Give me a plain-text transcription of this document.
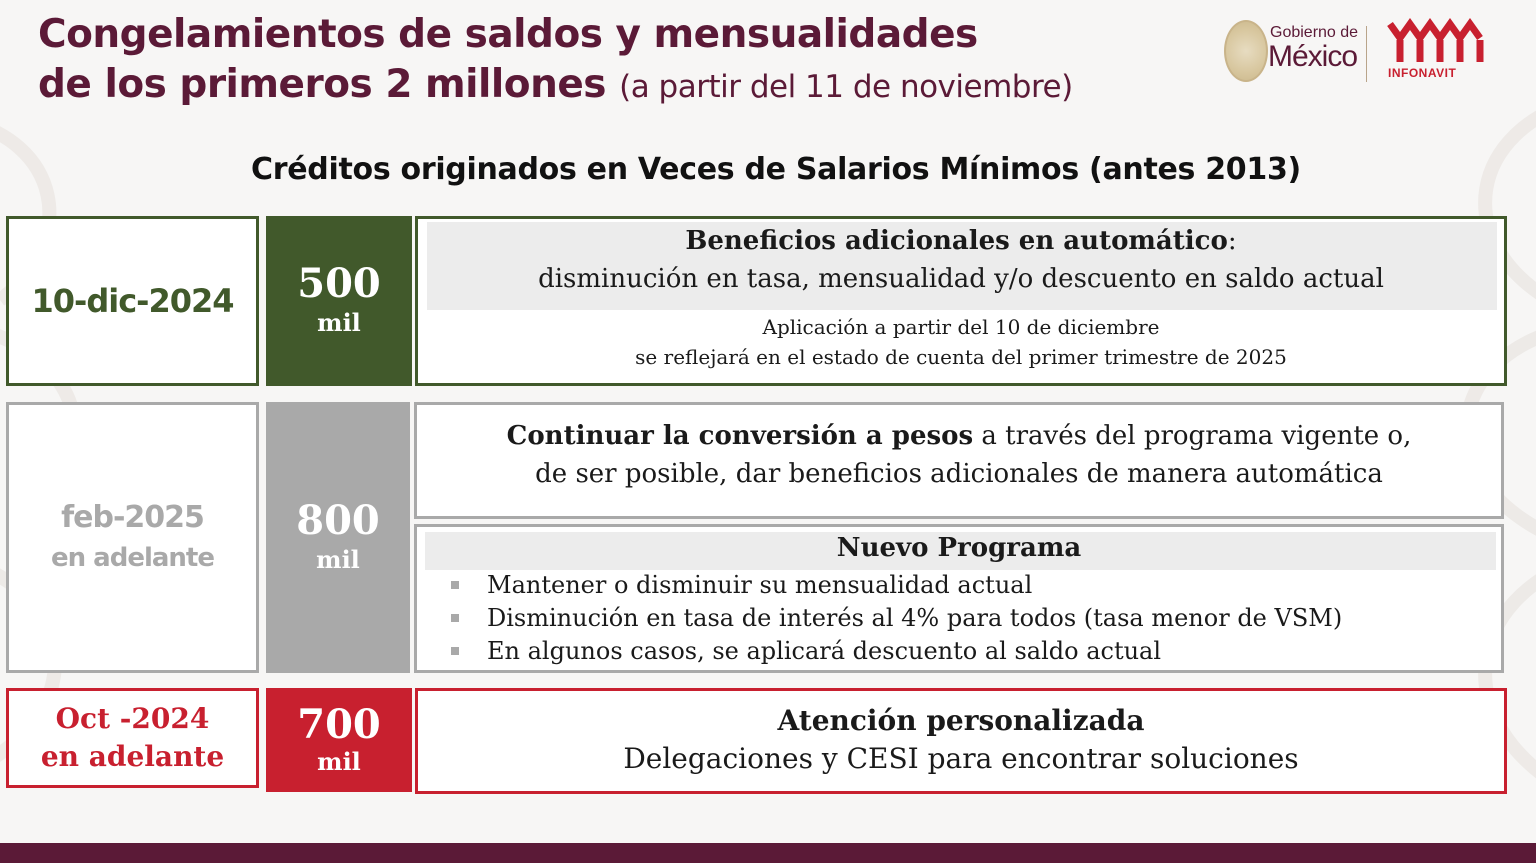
Congelamientos de saldos y mensualidades
de los primeros 2 millones (a partir del 11 de noviembre)
Gobierno de
México	INFONAVIT
Créditos originados en Veces de Salarios Mínimos (antes 2013)
10-dic-2024 500
mil
Beneficios adicionales en automático:
disminución en tasa, mensualidad y/o descuento en saldo actual
Aplicación a partir del 10 de diciembre
se reflejará en el estado de cuenta del primer trimestre de 2025
feb-2025
en adelante
800
mil
Continuar la conversión a pesos a través del programa vigente o,
de ser posible, dar beneficios adicionales de manera automática
Nuevo Programa
Mantener o disminuir su mensualidad actual
Disminución en tasa de interés al 4% para todos (tasa menor de VSM)
En algunos casos, se aplicará descuento al saldo actual
Oct -2024
en adelante
700
mil
Atención personalizada
Delegaciones y CESI para encontrar soluciones
